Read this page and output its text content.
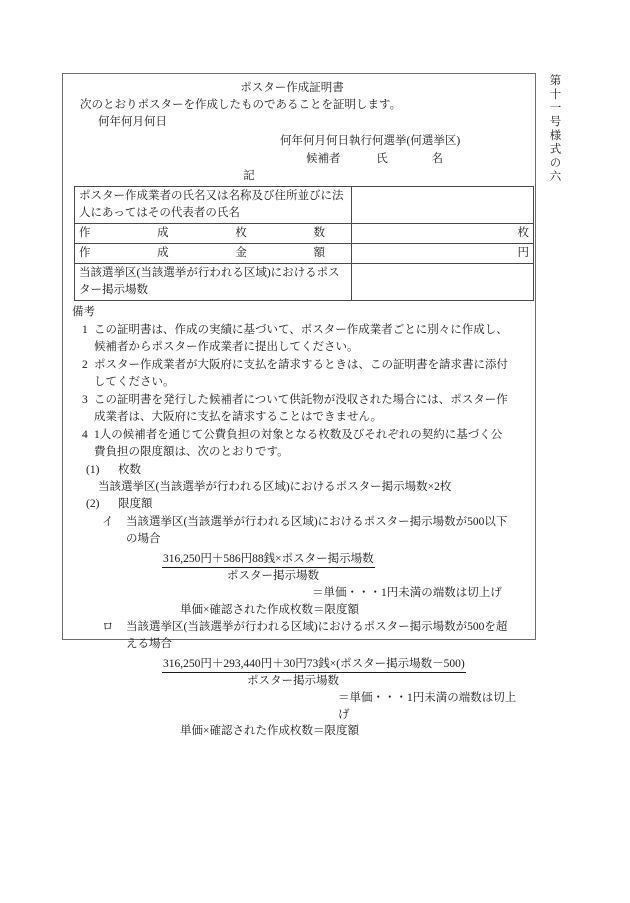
第十一号様式の六
ポスター作成証明書
次のとおりポスターを作成したものであることを証明します。
何年何月何日
何年何月何日執行何選挙(何選挙区)
候補者	氏	名
記
ポスター作成業者の氏名又は名称及び住所並びに法人にあってはその代表者の氏名	

作 成 枚 数	枚

作 成 金 額	円
当該選挙区(当該選挙が行われる区域)におけるポスター掲示場数	
備考
1 この証明書は、作成の実績に基づいて、ポスター作成業者ごとに別々に作成し、

候補者からポスター作成業者に提出してください。

2 ポスター作成業者が大阪府に支払を請求するときは、この証明書を請求書に添付

してください。

3 この証明書を発行した候補者について供託物が没収された場合には、ポスター作

成業者は、大阪府に支払を請求することはできません。

4 1人の候補者を通じて公費負担の対象となる枚数及びそれぞれの契約に基づく公

費負担の限度額は、次のとおりです。

(1)	枚数

当該選挙区(当該選挙が行われる区域)におけるポスター掲示場数×2枚
(2)	限度額

イ	当該選挙区(当該選挙が行われる区域)におけるポスター掲示場数が500以下

の場合

316,250円＋586円88銭×ポスター掲示場数
ポスター掲示場数
＝単価・・・1円未満の端数は切上げ
単価×確認された作成枚数＝限度額
ロ	当該選挙区(当該選挙が行われる区域)におけるポスター掲示場数が500を超

える場合

316,250円＋293,440円＋30円73銭×(ポスター掲示場数－500)
ポスター掲示場数
＝単価・・・1円未満の端数は切上げ
単価×確認された作成枚数＝限度額
